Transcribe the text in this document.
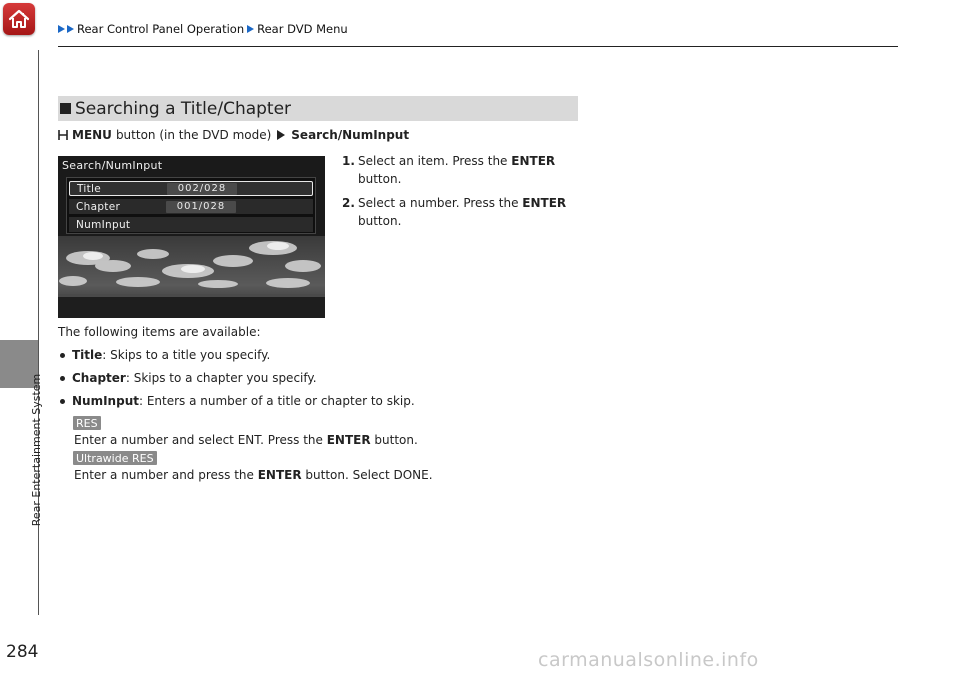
Rear Control Panel Operation Rear DVD Menu
Rear Entertainment System
Searching a Title/Chapter
MENU button (in the DVD mode) Search/NumInput
Search/NumInput
Title	002/028
Chapter	001/028
NumInput
1. Select an item. Press the ENTER
button.
2. Select a number. Press the ENTER
button.
The following items are available:
Title : Skips to a title you specify.
Chapter : Skips to a chapter you specify.
NumInput : Enters a number of a title or chapter to skip.
RES
Enter a number and select ENT. Press the ENTER button.
Ultrawide RES
Enter a number and press the ENTER button. Select DONE.
284	carmanualsonline.info
